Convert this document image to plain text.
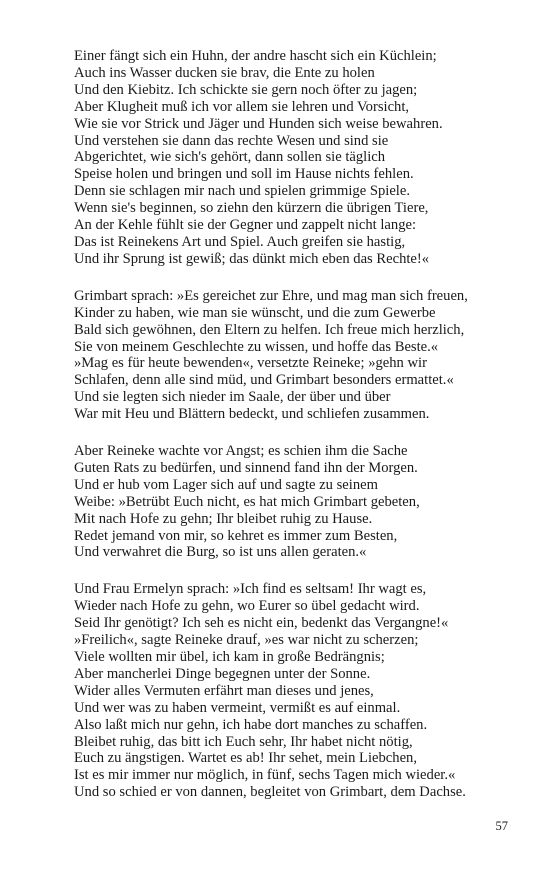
Einer fängt sich ein Huhn, der andre hascht sich ein Küchlein;
Auch ins Wasser ducken sie brav, die Ente zu holen
Und den Kiebitz. Ich schickte sie gern noch öfter zu jagen;
Aber Klugheit muß ich vor allem sie lehren und Vorsicht,
Wie sie vor Strick und Jäger und Hunden sich weise bewahren.
Und verstehen sie dann das rechte Wesen und sind sie
Abgerichtet, wie sich's gehört, dann sollen sie täglich
Speise holen und bringen und soll im Hause nichts fehlen.
Denn sie schlagen mir nach und spielen grimmige Spiele.
Wenn sie's beginnen, so ziehn den kürzern die übrigen Tiere,
An der Kehle fühlt sie der Gegner und zappelt nicht lange:
Das ist Reinekens Art und Spiel. Auch greifen sie hastig,
Und ihr Sprung ist gewiß; das dünkt mich eben das Rechte!«
Grimbart sprach: »Es gereichet zur Ehre, und mag man sich freuen,
Kinder zu haben, wie man sie wünscht, und die zum Gewerbe
Bald sich gewöhnen, den Eltern zu helfen. Ich freue mich herzlich,
Sie von meinem Geschlechte zu wissen, und hoffe das Beste.«
»Mag es für heute bewenden«, versetzte Reineke; »gehn wir
Schlafen, denn alle sind müd, und Grimbart besonders ermattet.«
Und sie legten sich nieder im Saale, der über und über
War mit Heu und Blättern bedeckt, und schliefen zusammen.
Aber Reineke wachte vor Angst; es schien ihm die Sache
Guten Rats zu bedürfen, und sinnend fand ihn der Morgen.
Und er hub vom Lager sich auf und sagte zu seinem
Weibe: »Betrübt Euch nicht, es hat mich Grimbart gebeten,
Mit nach Hofe zu gehn; Ihr bleibet ruhig zu Hause.
Redet jemand von mir, so kehret es immer zum Besten,
Und verwahret die Burg, so ist uns allen geraten.«
Und Frau Ermelyn sprach: »Ich find es seltsam! Ihr wagt es,
Wieder nach Hofe zu gehn, wo Eurer so übel gedacht wird.
Seid Ihr genötigt? Ich seh es nicht ein, bedenkt das Vergangne!«
»Freilich«, sagte Reineke drauf, »es war nicht zu scherzen;
Viele wollten mir übel, ich kam in große Bedrängnis;
Aber mancherlei Dinge begegnen unter der Sonne.
Wider alles Vermuten erfährt man dieses und jenes,
Und wer was zu haben vermeint, vermißt es auf einmal.
Also laßt mich nur gehn, ich habe dort manches zu schaffen.
Bleibet ruhig, das bitt ich Euch sehr, Ihr habet nicht nötig,
Euch zu ängstigen. Wartet es ab! Ihr sehet, mein Liebchen,
Ist es mir immer nur möglich, in fünf, sechs Tagen mich wieder.«
Und so schied er von dannen, begleitet von Grimbart, dem Dachse.
57
